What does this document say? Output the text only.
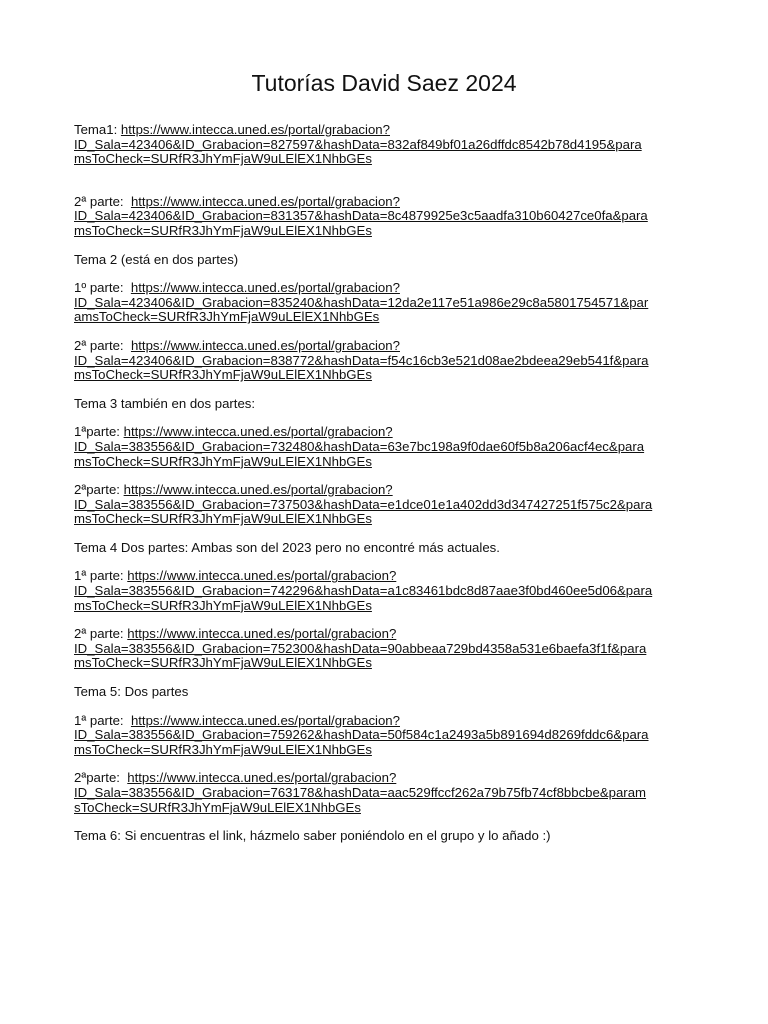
Tutorías David Saez 2024

Tema1: https://www.intecca.uned.es/portal/grabacion?
ID_Sala=423406&ID_Grabacion=827597&hashData=832af849bf01a26dffdc8542b78d4195&para
msToCheck=SURfR3JhYmFjaW9uLElEX1NhbGEs

2ª parte:  https://www.intecca.uned.es/portal/grabacion?
ID_Sala=423406&ID_Grabacion=831357&hashData=8c4879925e3c5aadfa310b60427ce0fa&para
msToCheck=SURfR3JhYmFjaW9uLElEX1NhbGEs

Tema 2 (está en dos partes)

1º parte:  https://www.intecca.uned.es/portal/grabacion?
ID_Sala=423406&ID_Grabacion=835240&hashData=12da2e117e51a986e29c8a5801754571&par
amsToCheck=SURfR3JhYmFjaW9uLElEX1NhbGEs

2ª parte:  https://www.intecca.uned.es/portal/grabacion?
ID_Sala=423406&ID_Grabacion=838772&hashData=f54c16cb3e521d08ae2bdeea29eb541f&para
msToCheck=SURfR3JhYmFjaW9uLElEX1NhbGEs

Tema 3 también en dos partes:

1ªparte: https://www.intecca.uned.es/portal/grabacion?
ID_Sala=383556&ID_Grabacion=732480&hashData=63e7bc198a9f0dae60f5b8a206acf4ec&para
msToCheck=SURfR3JhYmFjaW9uLElEX1NhbGEs

2ªparte: https://www.intecca.uned.es/portal/grabacion?
ID_Sala=383556&ID_Grabacion=737503&hashData=e1dce01e1a402dd3d347427251f575c2&para
msToCheck=SURfR3JhYmFjaW9uLElEX1NhbGEs

Tema 4 Dos partes: Ambas son del 2023 pero no encontré más actuales.

1ª parte: https://www.intecca.uned.es/portal/grabacion?
ID_Sala=383556&ID_Grabacion=742296&hashData=a1c83461bdc8d87aae3f0bd460ee5d06&para
msToCheck=SURfR3JhYmFjaW9uLElEX1NhbGEs

2ª parte: https://www.intecca.uned.es/portal/grabacion?
ID_Sala=383556&ID_Grabacion=752300&hashData=90abbeaa729bd4358a531e6baefa3f1f&para
msToCheck=SURfR3JhYmFjaW9uLElEX1NhbGEs

Tema 5: Dos partes

1ª parte:  https://www.intecca.uned.es/portal/grabacion?
ID_Sala=383556&ID_Grabacion=759262&hashData=50f584c1a2493a5b891694d8269fddc6&para
msToCheck=SURfR3JhYmFjaW9uLElEX1NhbGEs

2ªparte:  https://www.intecca.uned.es/portal/grabacion?
ID_Sala=383556&ID_Grabacion=763178&hashData=aac529ffccf262a79b75fb74cf8bbcbe&param
sToCheck=SURfR3JhYmFjaW9uLElEX1NhbGEs

Tema 6: Si encuentras el link, házmelo saber poniéndolo en el grupo y lo añado :)
